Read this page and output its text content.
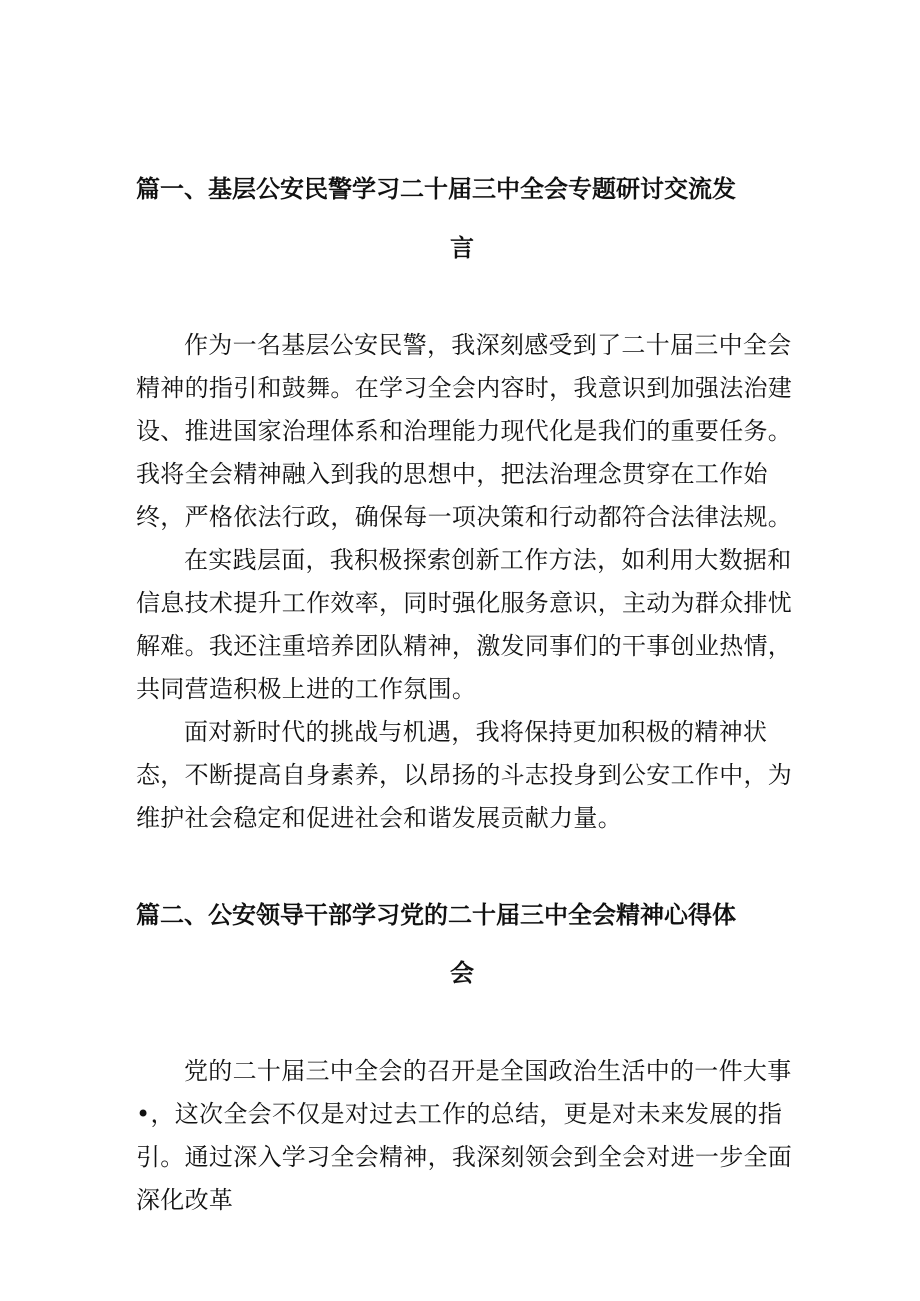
篇一、基层公安民警学习二十届三中全会专题研讨交流发
言

作为一名基层公安民警，我深刻感受到了二十届三中全会精神的指引和鼓舞。在学习全会内容时，我意识到加强法治建设、推进国家治理体系和治理能力现代化是我们的重要任务。我将全会精神融入到我的思想中，把法治理念贯穿在工作始终，严格依法行政，确保每一项决策和行动都符合法律法规。

在实践层面，我积极探索创新工作方法，如利用大数据和信息技术提升工作效率，同时强化服务意识，主动为群众排忧解难。我还注重培养团队精神，激发同事们的干事创业热情，共同营造积极上进的工作氛围。

面对新时代的挑战与机遇，我将保持更加积极的精神状态，不断提高自身素养，以昂扬的斗志投身到公安工作中，为维护社会稳定和促进社会和谐发展贡献力量。

篇二、公安领导干部学习党的二十届三中全会精神心得体
会

党的二十届三中全会的召开是全国政治生活中的一件大事•，这次全会不仅是对过去工作的总结，更是对未来发展的指引。通过深入学习全会精神，我深刻领会到全会对进一步全面深化改革
